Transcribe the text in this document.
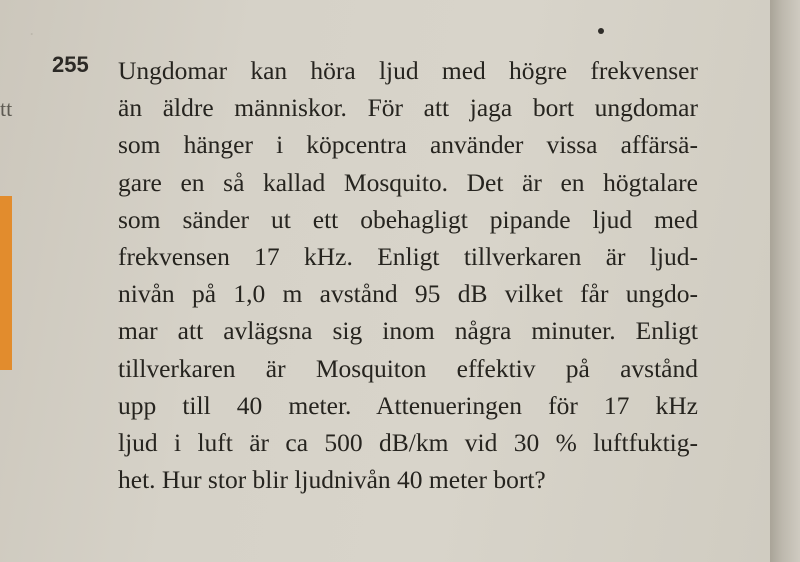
.
tt
255 Ungdomar kan höra ljud med högre frekvenser
än äldre människor. För att jaga bort ungdomar
som hänger i köpcentra använder vissa affärsä-
gare en så kallad Mosquito. Det är en högtalare
som sänder ut ett obehagligt pipande ljud med
frekvensen 17 kHz. Enligt tillverkaren är ljud-
nivån på 1,0 m avstånd 95 dB vilket får ungdo-
mar att avlägsna sig inom några minuter. Enligt
tillverkaren är Mosquiton effektiv på avstånd
upp till 40 meter. Attenueringen för 17 kHz
ljud i luft är ca 500 dB/km vid 30 % luftfuktig-
het. Hur stor blir ljudnivån 40 meter bort?
